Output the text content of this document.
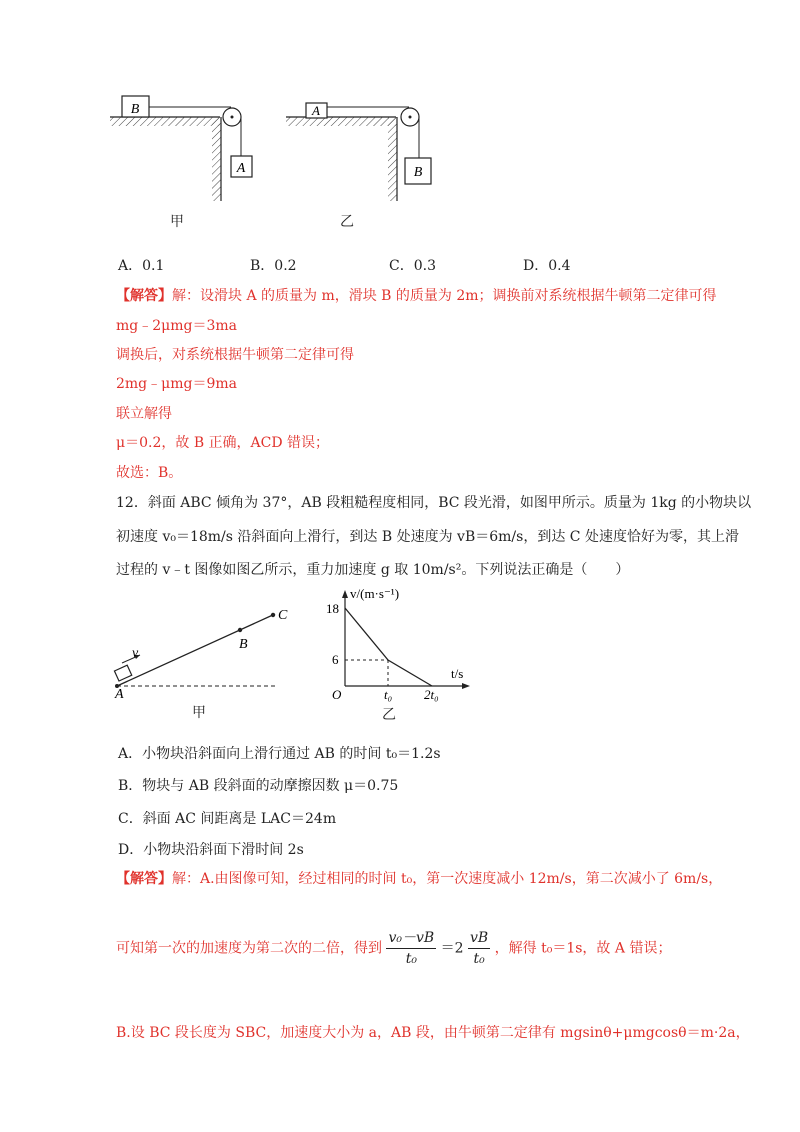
B
A
A
B
甲	乙
A．0.1	B．0.2	C．0.3	D．0.4
【解答】解：设滑块 A 的质量为 m，滑块 B 的质量为 2m；调换前对系统根据牛顿第二定律可得
mg﹣2μmg＝3ma
调换后，对系统根据牛顿第二定律可得
2mg﹣μmg＝9ma
联立解得
μ＝0.2，故 B 正确，ACD 错误；
故选：B。
12．斜面 ABC 倾角为 37°，AB 段粗糙程度相同，BC 段光滑，如图甲所示。质量为 1kg 的小物块以
初速度 v₀＝18m/s 沿斜面向上滑行，到达 B 处速度为 vB＝6m/s，到达 C 处速度恰好为零，其上滑
过程的 v﹣t 图像如图乙所示，重力加速度 g 取 10m/s²。下列说法正确是（　　）
A
B
C
v
甲
v/(m·s⁻¹)
t/s
O
18
6
t₀ 2t₀
乙
A．小物块沿斜面向上滑行通过 AB 的时间 t₀＝1.2s
B．物块与 AB 段斜面的动摩擦因数 μ＝0.75
C．斜面 AC 间距离是 LAC＝24m
D．小物块沿斜面下滑时间 2s
【解答】解：A.由图像可知，经过相同的时间 t₀，第一次速度减小 12m/s，第二次减小了 6m/s，
可知第一次的加速度为第二次的二倍，得到 $\frac{\text{v₀－vB}}{\text{t₀}} =2 \frac{vB}{\text{t₀}}$ ，解得 t₀＝1s，故 A 错误；
B.设 BC 段长度为 SBC，加速度大小为 a，AB 段，由牛顿第二定律有 mgsinθ+μmgcosθ＝m·2a，
